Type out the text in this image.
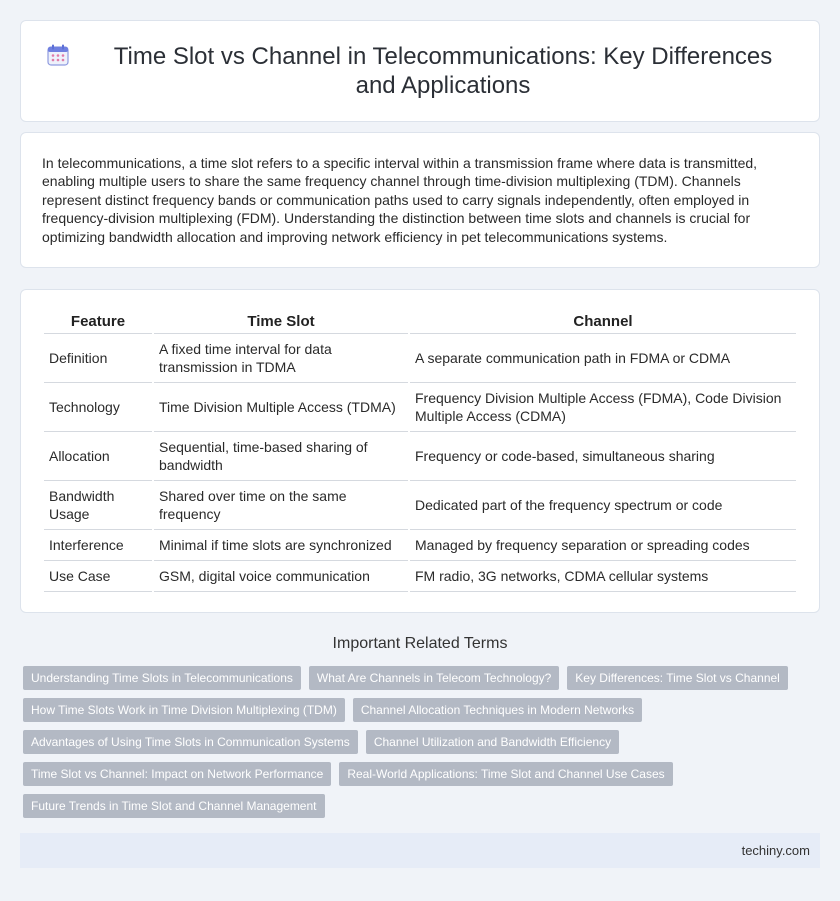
Time Slot vs Channel in Telecommunications: Key Differences and Applications

In telecommunications, a time slot refers to a specific interval within a transmission frame where data is transmitted, enabling multiple users to share the same frequency channel through time-division multiplexing (TDM). Channels represent distinct frequency bands or communication paths used to carry signals independently, often employed in frequency-division multiplexing (FDM). Understanding the distinction between time slots and channels is crucial for optimizing bandwidth allocation and improving network efficiency in pet telecommunications systems.

Feature	Time Slot	Channel
Definition	A fixed time interval for data transmission in TDMA	A separate communication path in FDMA or CDMA
Technology	Time Division Multiple Access (TDMA)	Frequency Division Multiple Access (FDMA), Code Division Multiple Access (CDMA)
Allocation	Sequential, time-based sharing of bandwidth	Frequency or code-based, simultaneous sharing
Bandwidth Usage	Shared over time on the same frequency	Dedicated part of the frequency spectrum or code
Interference	Minimal if time slots are synchronized	Managed by frequency separation or spreading codes
Use Case	GSM, digital voice communication	FM radio, 3G networks, CDMA cellular systems
Important Related Terms
Understanding Time Slots in Telecommunications	What Are Channels in Telecom Technology?	Key Differences: Time Slot vs Channel
How Time Slots Work in Time Division Multiplexing (TDM)	Channel Allocation Techniques in Modern Networks
Advantages of Using Time Slots in Communication Systems	Channel Utilization and Bandwidth Efficiency
Time Slot vs Channel: Impact on Network Performance	Real-World Applications: Time Slot and Channel Use Cases
Future Trends in Time Slot and Channel Management
techiny.com
